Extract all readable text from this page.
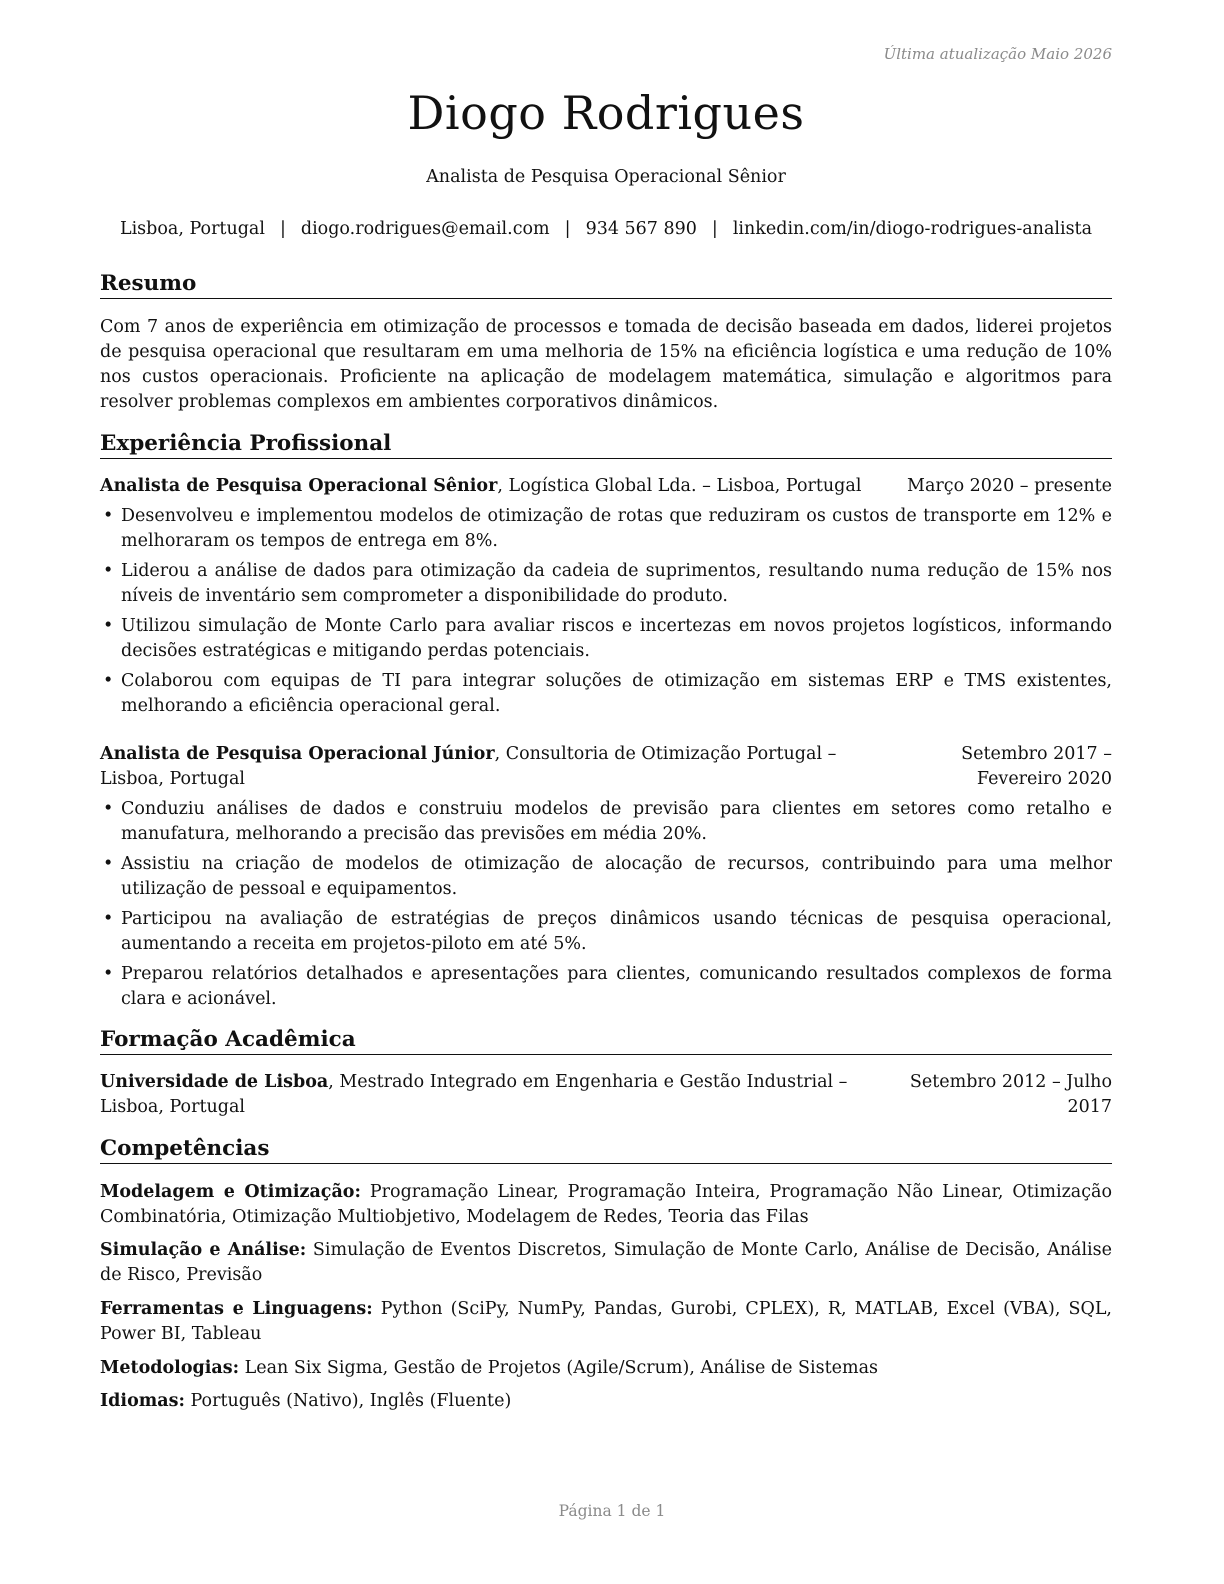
Última atualização Maio 2026
Diogo Rodrigues
Analista de Pesquisa Operacional Sênior
Lisboa, Portugal | diogo.rodrigues@email.com | 934 567 890 | linkedin.com/in/diogo-rodrigues-analista
Resumo
Com 7 anos de experiência em otimização de processos e tomada de decisão baseada em dados, liderei projetos de pesquisa operacional que resultaram em uma melhoria de 15% na eficiência logística e uma redução de 10% nos custos operacionais. Proficiente na aplicação de modelagem matemática, simulação e algoritmos para resolver problemas complexos em ambientes corporativos dinâmicos.
Experiência Profissional
Analista de Pesquisa Operacional Sênior, Logística Global Lda. – Lisboa, Portugal	Março 2020 – presente
• Desenvolveu e implementou modelos de otimização de rotas que reduziram os custos de transporte em 12% e melhoraram os tempos de entrega em 8%.
• Liderou a análise de dados para otimização da cadeia de suprimentos, resultando numa redução de 15% nos níveis de inventário sem comprometer a disponibilidade do produto.
• Utilizou simulação de Monte Carlo para avaliar riscos e incertezas em novos projetos logísticos, informando decisões estratégicas e mitigando perdas potenciais.
• Colaborou com equipas de TI para integrar soluções de otimização em sistemas ERP e TMS existentes, melhorando a eficiência operacional geral.
Analista de Pesquisa Operacional Júnior, Consultoria de Otimização Portugal – Lisboa, Portugal
Setembro 2017 – Fevereiro 2020
• Conduziu análises de dados e construiu modelos de previsão para clientes em setores como retalho e manufatura, melhorando a precisão das previsões em média 20%.
• Assistiu na criação de modelos de otimização de alocação de recursos, contribuindo para uma melhor utilização de pessoal e equipamentos.
• Participou na avaliação de estratégias de preços dinâmicos usando técnicas de pesquisa operacional, aumentando a receita em projetos-piloto em até 5%.
• Preparou relatórios detalhados e apresentações para clientes, comunicando resultados complexos de forma clara e acionável.
Formação Acadêmica
Universidade de Lisboa, Mestrado Integrado em Engenharia e Gestão Industrial – Lisboa, Portugal
Setembro 2012 – Julho 2017
Competências
Modelagem e Otimização: Programação Linear, Programação Inteira, Programação Não Linear, Otimização Combinatória, Otimização Multiobjetivo, Modelagem de Redes, Teoria das Filas
Simulação e Análise: Simulação de Eventos Discretos, Simulação de Monte Carlo, Análise de Decisão, Análise de Risco, Previsão
Ferramentas e Linguagens: Python (SciPy, NumPy, Pandas, Gurobi, CPLEX), R, MATLAB, Excel (VBA), SQL, Power BI, Tableau
Metodologias: Lean Six Sigma, Gestão de Projetos (Agile/Scrum), Análise de Sistemas
Idiomas: Português (Nativo), Inglês (Fluente)
Página 1 de 1
